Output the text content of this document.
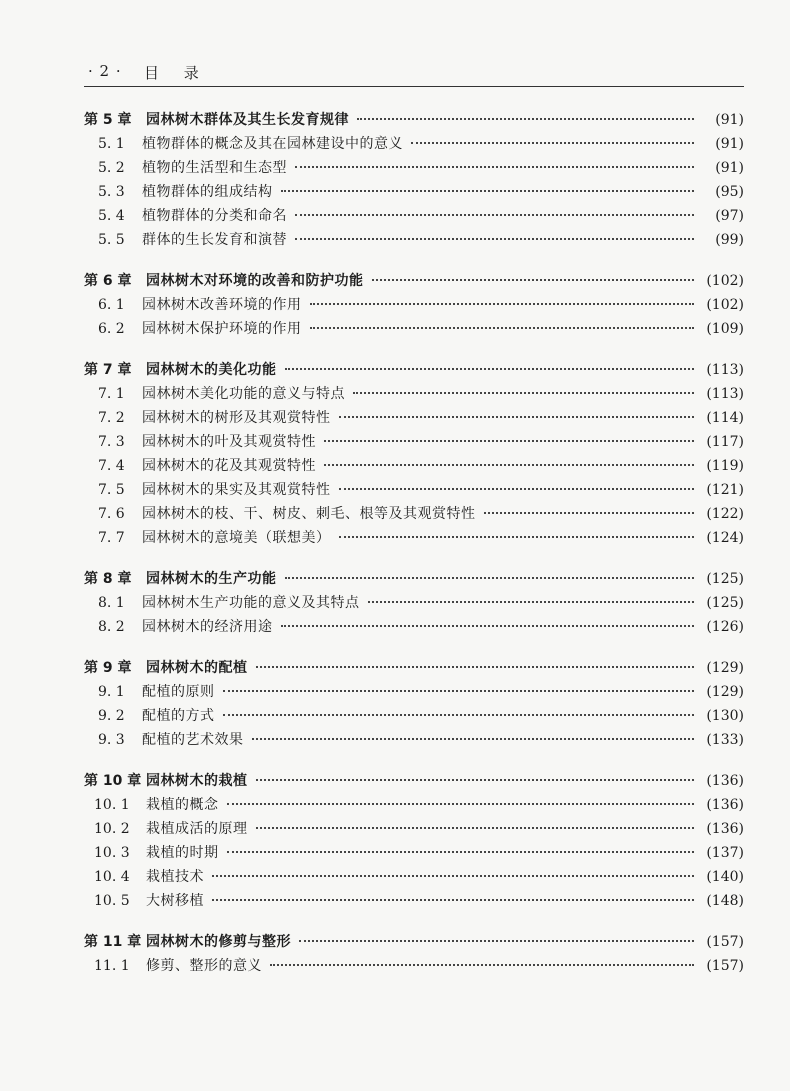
· 2 · 目 录
第 5 章	园林树木群体及其生长发育规律	(91)
5. 1	植物群体的概念及其在园林建设中的意义	(91)
5. 2	植物的生活型和生态型	(91)
5. 3	植物群体的组成结构	(95)
5. 4	植物群体的分类和命名	(97)
5. 5	群体的生长发育和演替	(99)
第 6 章	园林树木对环境的改善和防护功能	(102)
6. 1	园林树木改善环境的作用	(102)
6. 2	园林树木保护环境的作用	(109)
第 7 章	园林树木的美化功能	(113)
7. 1	园林树木美化功能的意义与特点	(113)
7. 2	园林树木的树形及其观赏特性	(114)
7. 3	园林树木的叶及其观赏特性	(117)
7. 4	园林树木的花及其观赏特性	(119)
7. 5	园林树木的果实及其观赏特性	(121)
7. 6	园林树木的枝、干、树皮、刺毛、根等及其观赏特性	(122)
7. 7	园林树木的意境美（联想美）	(124)
第 8 章	园林树木的生产功能	(125)
8. 1	园林树木生产功能的意义及其特点	(125)
8. 2	园林树木的经济用途	(126)
第 9 章	园林树木的配植	(129)
9. 1	配植的原则	(129)
9. 2	配植的方式	(130)
9. 3	配植的艺术效果	(133)
第 10 章 园林树木的栽植	(136)
10. 1	栽植的概念	(136)
10. 2	栽植成活的原理	(136)
10. 3	栽植的时期	(137)
10. 4	栽植技术	(140)
10. 5	大树移植	(148)
第 11 章 园林树木的修剪与整形	(157)
11. 1	修剪、整形的意义	(157)
